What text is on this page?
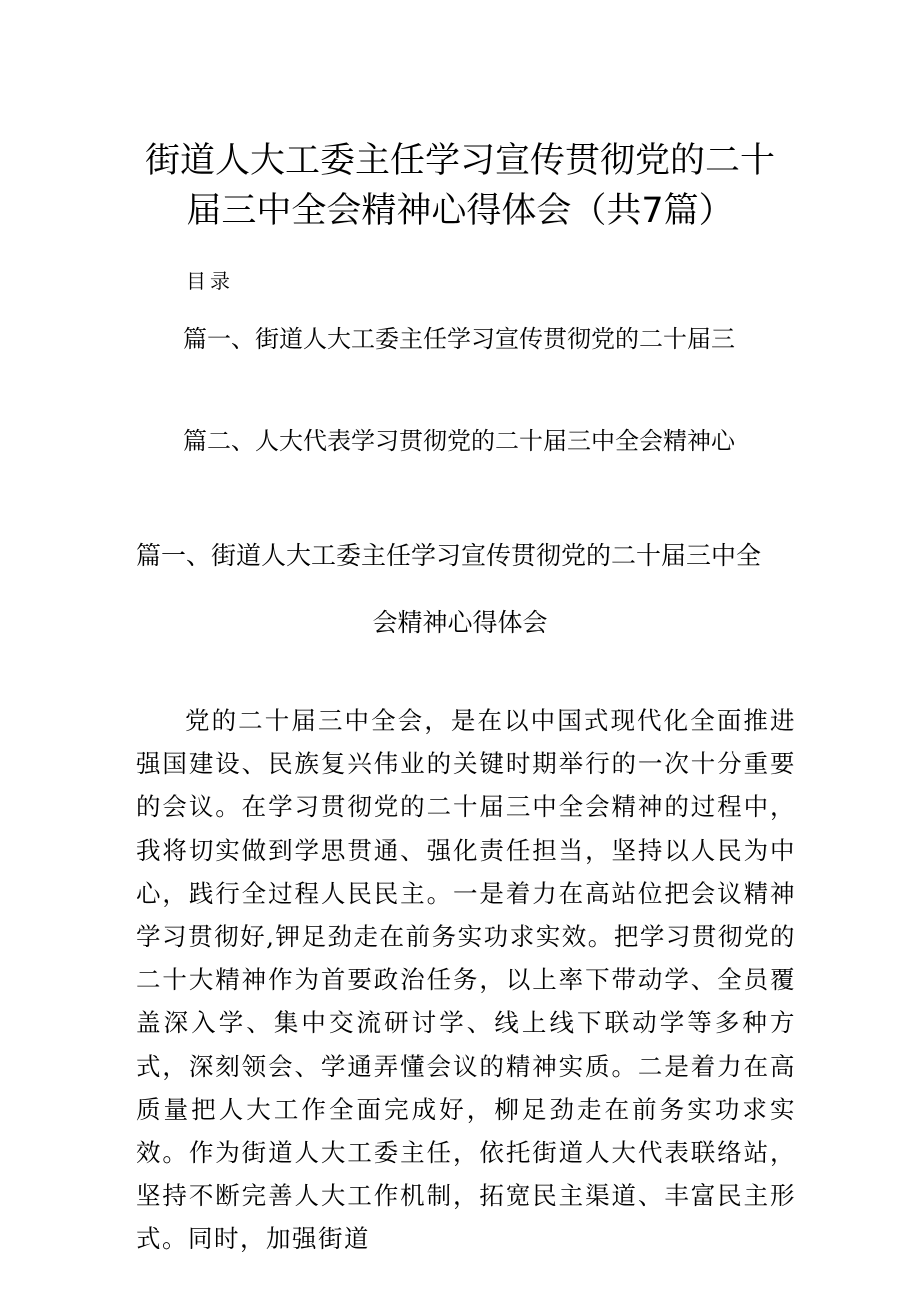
街道人大工委主任学习宣传贯彻党的二十
届三中全会精神心得体会（共7篇）
目录
篇一、街道人大工委主任学习宣传贯彻党的二十届三
篇二、人大代表学习贯彻党的二十届三中全会精神心
篇一、街道人大工委主任学习宣传贯彻党的二十届三中全
会精神心得体会
党的二十届三中全会，是在以中国式现代化全面推进强国建设、民族复兴伟业的关键时期举行的一次十分重要的会议。在学习贯彻党的二十届三中全会精神的过程中，我将切实做到学思贯通、强化责任担当，坚持以人民为中心，践行全过程人民民主。一是着力在高站位把会议精神学习贯彻好,钾足劲走在前务实功求实效。把学习贯彻党的二十大精神作为首要政治任务，以上率下带动学、全员覆盖深入学、集中交流研讨学、线上线下联动学等多种方式，深刻领会、学通弄懂会议的精神实质。二是着力在高质量把人大工作全面完成好，柳足劲走在前务实功求实效。作为街道人大工委主任，依托街道人大代表联络站，坚持不断完善人大工作机制，拓宽民主渠道、丰富民主形式。同时，加强街道
